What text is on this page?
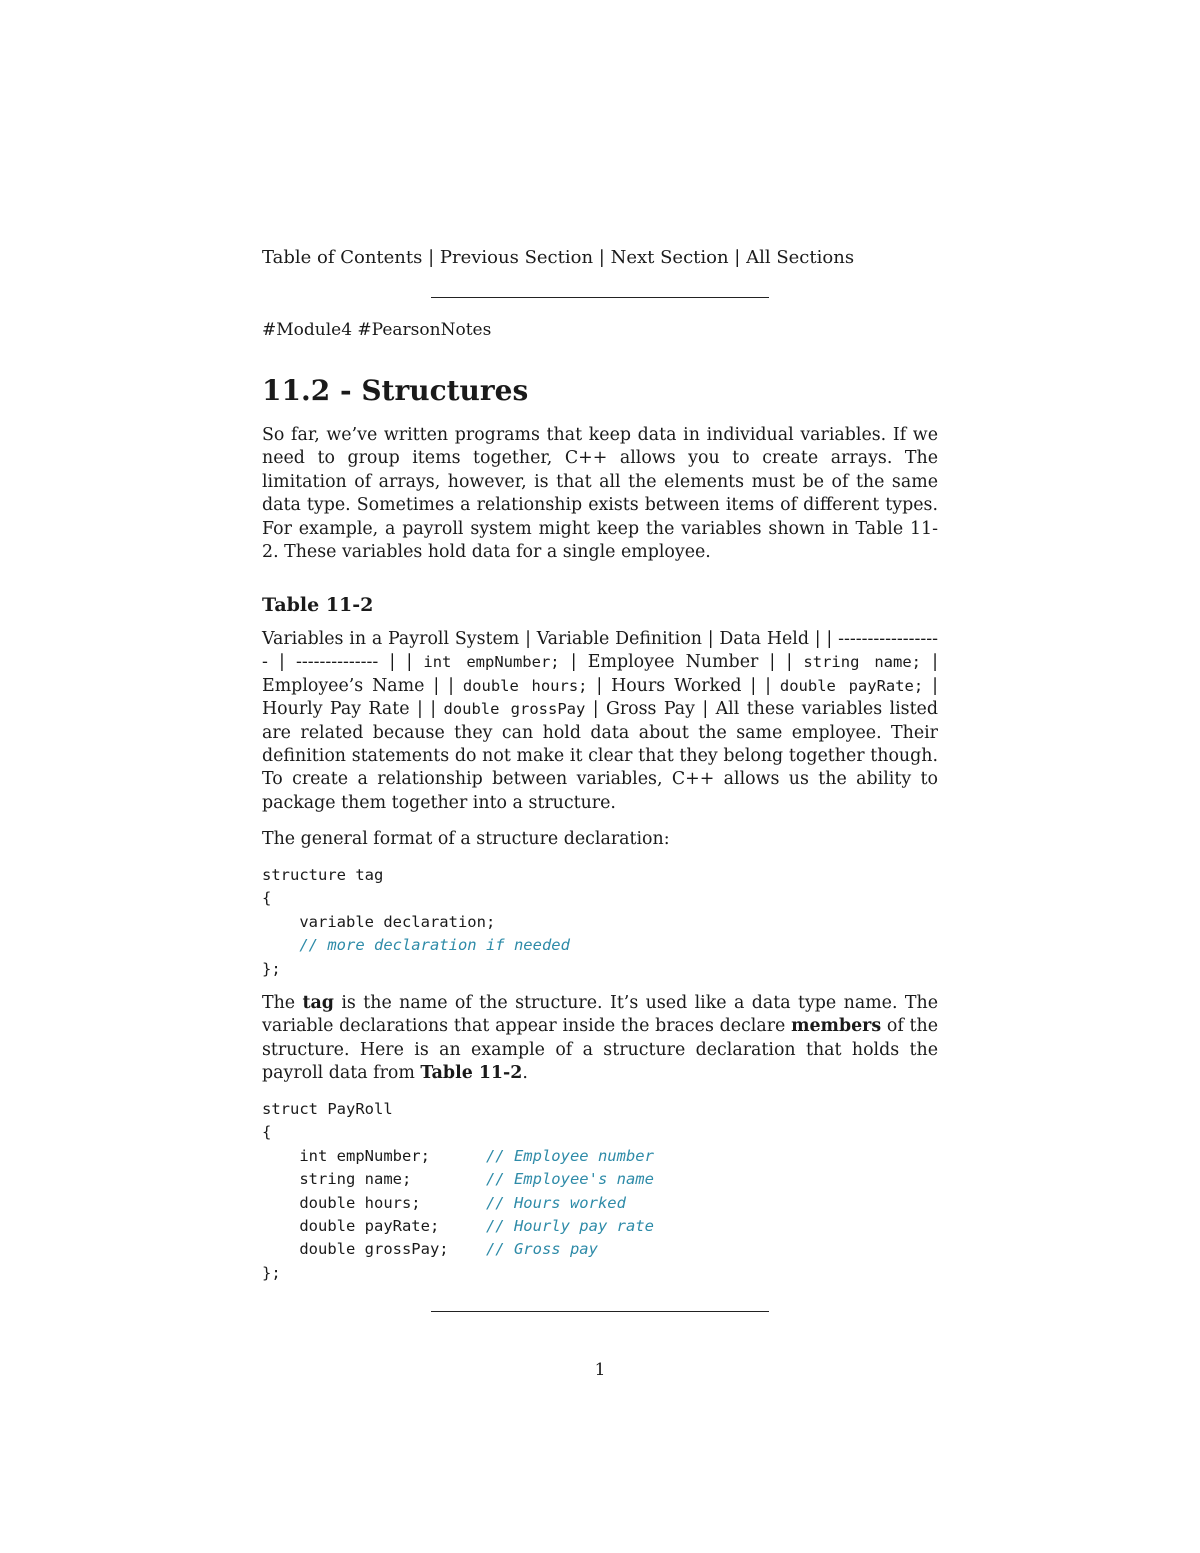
Table of Contents | Previous Section | Next Section | All Sections
#Module4 #PearsonNotes
11.2 - Structures

So far, we’ve written programs that keep data in individual variables. If we need to group items together, C++ allows you to create arrays. The limitation of arrays, however, is that all the elements must be of the same data type. Sometimes a relationship exists between items of different types. For example, a payroll system might keep the variables shown in Table 11-2. These variables hold data for a single employee.

Table 11-2

Variables in a Payroll System | Variable Definition | Data Held | | ------------------ | -------------- | | int empNumber; | Employee Number | | string name; | Employee’s Name | | double hours; | Hours Worked | | double payRate; | Hourly Pay Rate | | double grossPay | Gross Pay | All these variables listed are related because they can hold data about the same employee. Their definition statements do not make it clear that they belong together though. To create a relationship between variables, C++ allows us the ability to package them together into a structure.

The general format of a structure declaration:

structure tag
{
variable declaration;
// more declaration if needed
};

The tag is the name of the structure. It’s used like a data type name. The variable declarations that appear inside the braces declare members of the structure. Here is an example of a structure declaration that holds the payroll data from Table 11-2.

struct PayRoll
{
int empNumber;      // Employee number
string name;        // Employee's name
double hours;       // Hours worked
double payRate;     // Hourly pay rate
double grossPay;    // Gross pay
};
1
